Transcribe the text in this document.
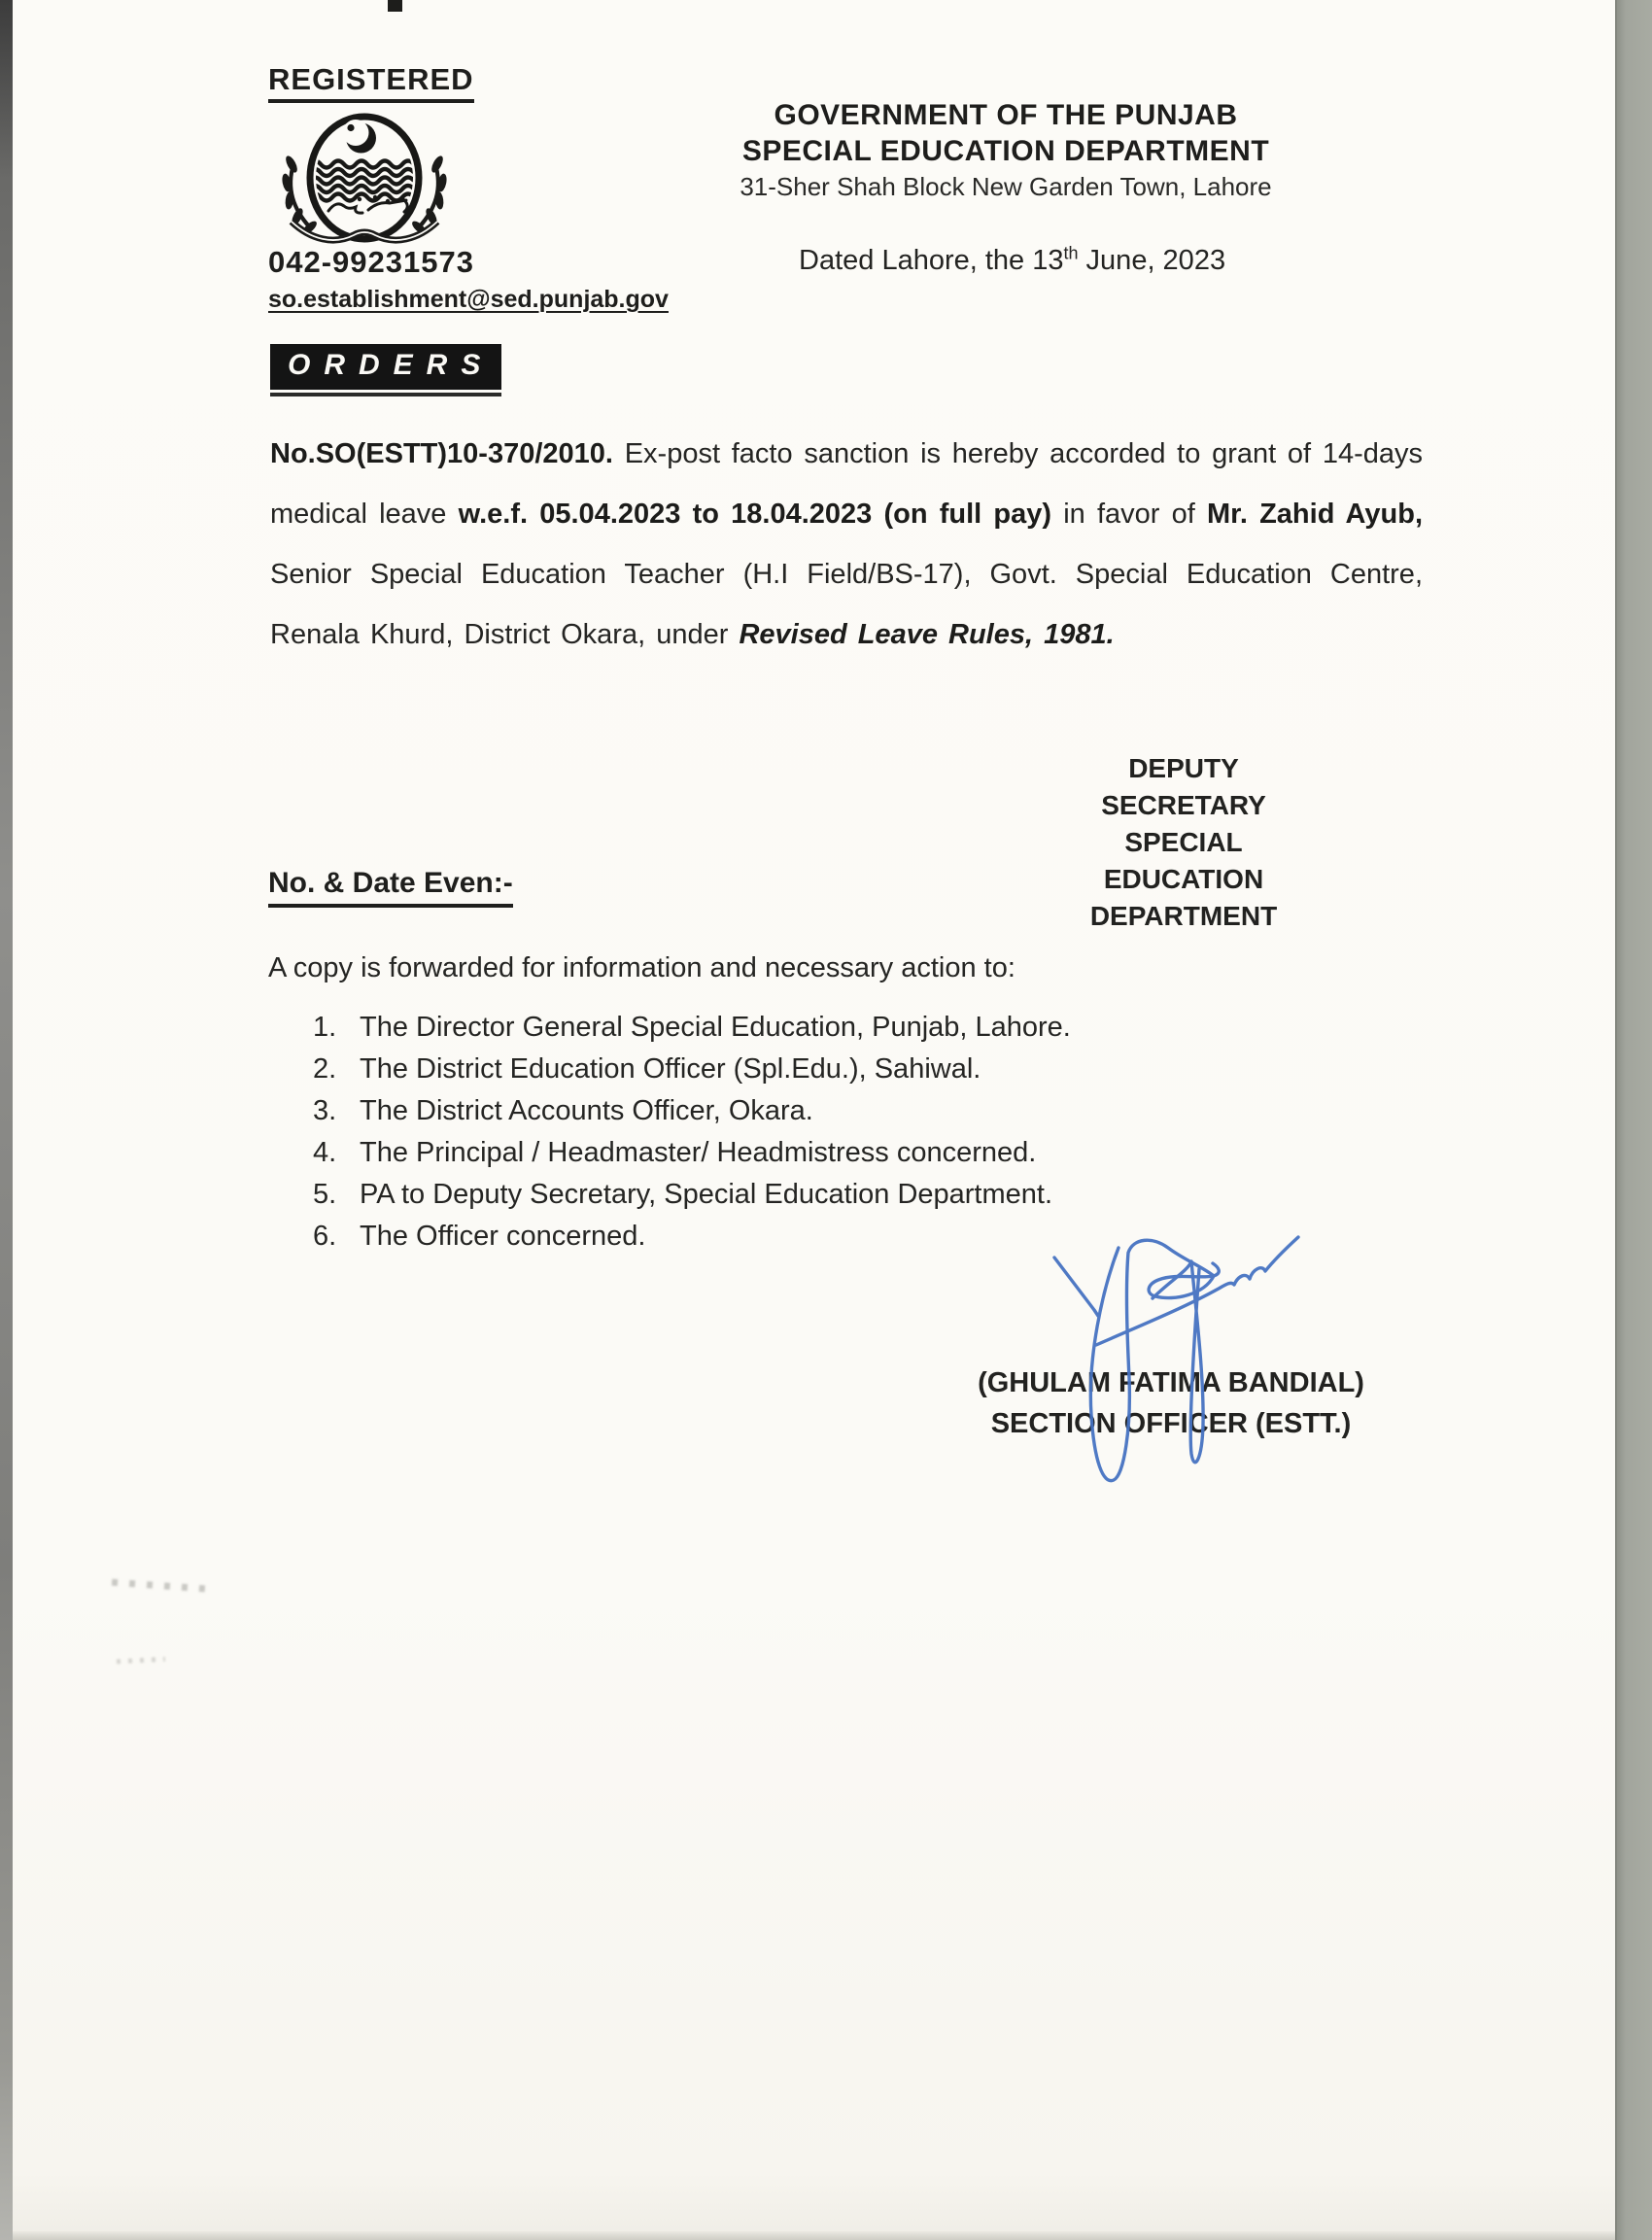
REGISTERED
042-99231573
so.establishment@sed.punjab.gov
GOVERNMENT OF THE PUNJAB
SPECIAL EDUCATION DEPARTMENT
31-Sher Shah Block New Garden Town, Lahore
Dated Lahore, the 13th June, 2023
ORDERS

No.SO(ESTT)10-370/2010. Ex-post facto sanction is hereby accorded to grant of 14-days medical leave w.e.f. 05.04.2023 to 18.04.2023 (on full pay) in favor of Mr. Zahid Ayub, Senior Special Education Teacher (H.I Field/BS-17), Govt. Special Education Centre, Renala Khurd, District Okara, under Revised Leave Rules, 1981.

DEPUTY SECRETARY
SPECIAL EDUCATION
DEPARTMENT
No. & Date Even:-
A copy is forwarded for information and necessary action to:
1. The Director General Special Education, Punjab, Lahore.
2. The District Education Officer (Spl.Edu.), Sahiwal.
3. The District Accounts Officer, Okara.
4. The Principal / Headmaster/ Headmistress concerned.
5. PA to Deputy Secretary, Special Education Department.
6. The Officer concerned.
(GHULAM FATIMA BANDIAL)
SECTION OFFICER (ESTT.)
